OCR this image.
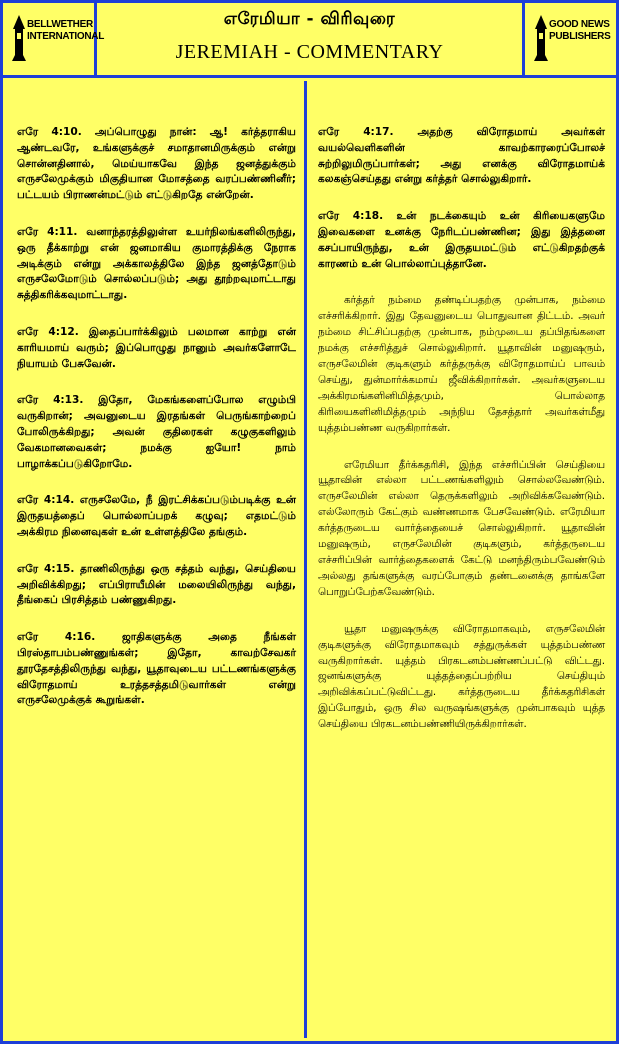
BELLWETHER
INTERNATIONAL
எரேமியா - விரிவுரை
JEREMIAH - COMMENTARY
GOOD NEWS
PUBLISHERS

எரே 4:10. அப்பொழுது நான்: ஆ! கர்த்தராகிய ஆண்டவரே, உங்களுக்குச் சமாதானமிருக்கும் என்று சொன்னதினால், மெய்யாகவே இந்த ஜனத்துக்கும் எருசலேமுக்கும் மிகுதியான மோசத்தை வரப்பண்ணினீர்; பட்டயம் பிராணன்மட்டும் எட்டுகிறதே என்றேன்.

எரே 4:11. வனாந்தரத்திலுள்ள உயர்நிலங்களிலிருந்து, ஒரு தீக்காற்று என் ஜனமாகிய குமாரத்திக்கு நேராக அடிக்கும் என்று அக்காலத்திலே இந்த ஜனத்தோடும் எருசலேமோடும் சொல்லப்படும்; அது தூற்றவுமாட்டாது சுத்திகரிக்கவுமாட்டாது.

எரே 4:12. இதைப்பார்க்கிலும் பலமான காற்று என் காரியமாய் வரும்; இப்பொழுது நானும் அவர்களோடே நியாயம் பேசுவேன்.

எரே 4:13. இதோ, மேகங்களைப்போல எழும்பி வருகிறான்; அவனுடைய இரதங்கள் பெருங்காற்றைப் போலிருக்கிறது; அவன் குதிரைகள் கழுகுகளிலும் வேகமானவைகள்; நமக்கு ஐயோ! நாம் பாழாக்கப்படுகிறோமே.

எரே 4:14. எருசலேமே, நீ இரட்சிக்கப்படும்படிக்கு உன் இருதயத்தைப் பொல்லாப்பறக் கழுவு; எதமட்டும் அக்கிரம நினைவுகள் உன் உள்ளத்திலே தங்கும்.

எரே 4:15. தாணிலிருந்து ஒரு சத்தம் வந்து, செய்தியை அறிவிக்கிறது; எப்பிராயீமின் மலையிலிருந்து வந்து, தீங்கைப் பிரசித்தம் பண்ணுகிறது.

எரே 4:16. ஜாதிகளுக்கு அதை நீங்கள் பிரஸ்தாபம்பண்ணுங்கள்; இதோ, காவற்சேவகர் தூரதேசத்திலிருந்து வந்து, யூதாவுடைய பட்டணங்களுக்கு விரோதமாய் உரத்தசத்தமிடுவார்கள் என்று எருசலேமுக்குக் கூறுங்கள்.

எரே 4:17. அதற்கு விரோதமாய் அவர்கள் வயல்வெளிகளின் காவற்காரரைப்போலச் சுற்றிலுமிருப்பார்கள்; அது எனக்கு விரோதமாய்க் கலகஞ்செய்தது என்று கர்த்தர் சொல்லுகிறார்.

எரே 4:18. உன் நடக்கையும் உன் கிரியைகளுமே இவைகளை உனக்கு நேரிடப்பண்ணின; இது இத்தனை கசப்பாயிருந்து, உன் இருதயமட்டும் எட்டுகிறதற்குக் காரணம் உன் பொல்லாப்புத்தானே.

கர்த்தர் நம்மை தண்டிப்பதற்கு முன்பாக, நம்மை எச்சரிக்கிறார். இது தேவனுடைய பொதுவான திட்டம். அவர் நம்மை சிட்சிப்பதற்கு முன்பாக, நம்முடைய தப்பிதங்களை நமக்கு எச்சரித்துச் சொல்லுகிறார். யூதாவின் மனுஷரும், எருசலேமின் குடிகளும் கர்த்தருக்கு விரோதமாய்ப் பாவம் செய்து, துன்மார்க்கமாய் ஜீவிக்கிறார்கள். அவர்களுடைய அக்கிரமங்களினிமித்தமும், பொல்லாத கிரியைகளினிமித்தமும் அந்நிய தேசத்தார் அவர்கள்மீது யுத்தம்பண்ண வருகிறார்கள்.

எரேமியா தீர்க்கதரிசி, இந்த எச்சரிப்பின் செய்தியை யூதாவின் எல்லா பட்டணங்களிலும் சொல்லவேண்டும். எருசலேமின் எல்லா தெருக்களிலும் அறிவிக்கவேண்டும். எல்லோரும் கேட்கும் வண்ணமாக பேசவேண்டும். எரேமியா கர்த்தருடைய வார்த்தையைச் சொல்லுகிறார். யூதாவின் மனுஷரும், எருசலேமின் குடிகளும், கர்த்தருடைய எச்சரிப்பின் வார்த்தைகளைக் கேட்டு மனந்திரும்பவேண்டும் அல்லது தங்களுக்கு வரப்போகும் தண்டனைக்கு தாங்களே பொறுப்பேற்கவேண்டும்.

யூதா மனுஷருக்கு விரோதமாகவும், எருசலேமின் குடிகளுக்கு விரோதமாகவும் சத்துருக்கள் யுத்தம்பண்ண வருகிறார்கள். யுத்தம் பிரகடனம்பண்ணப்பட்டு விட்டது. ஜனங்களுக்கு யுத்தத்தைப்பற்றிய செய்தியும் அறிவிக்கப்பட்டுவிட்டது. கர்த்தருடைய தீர்க்கதரிசிகள் இப்போதும், ஒரு சில வருஷங்களுக்கு முன்பாகவும் யுத்த செய்தியை பிரகடனம்பண்ணியிருக்கிறார்கள்.
